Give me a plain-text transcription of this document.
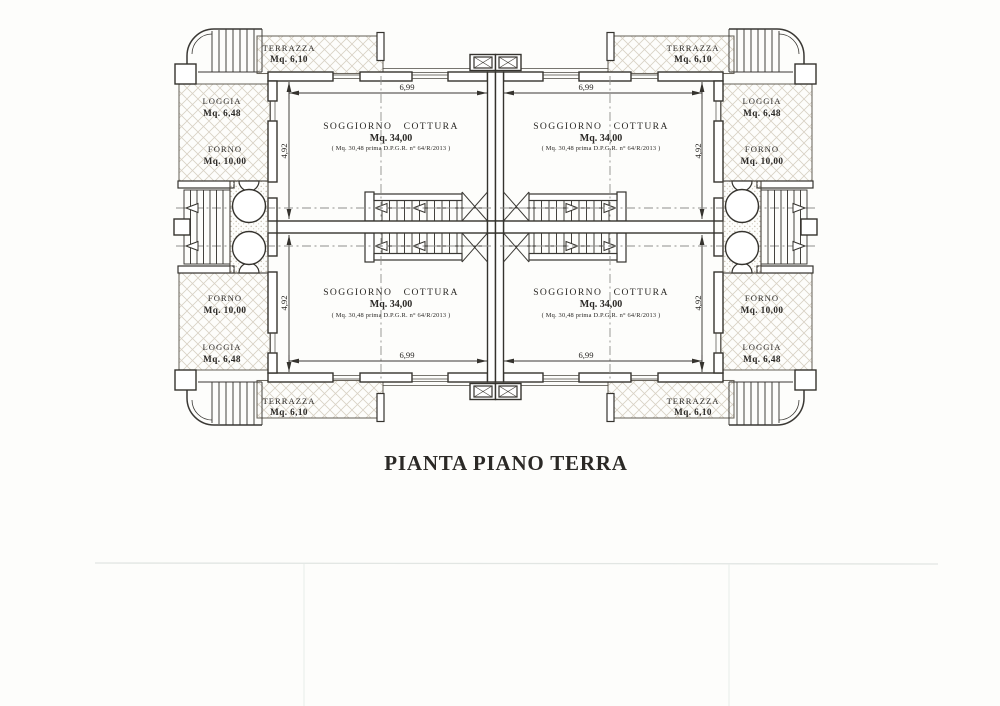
TERRAZZA
Mq. 6,10
TERRAZZA
Mq. 6,10
TERRAZZA
Mq. 6,10
TERRAZZA
Mq. 6,10
LOGGIA
Mq. 6,48
LOGGIA
Mq. 6,48
LOGGIA
Mq. 6,48
LOGGIA
Mq. 6,48
FORNO
Mq. 10,00
FORNO
Mq. 10,00
FORNO
Mq. 10,00
FORNO
Mq. 10,00
SOGGIORNO   COTTURA
Mq. 34,00
( Mq. 30,48 prima D.P.G.R. n° 64/R/2013 )
SOGGIORNO   COTTURA
Mq. 34,00
( Mq. 30,48 prima D.P.G.R. n° 64/R/2013 )
SOGGIORNO   COTTURA
Mq. 34,00
( Mq. 30,48 prima D.P.G.R. n° 64/R/2013 )
SOGGIORNO   COTTURA
Mq. 34,00
( Mq. 30,48 prima D.P.G.R. n° 64/R/2013 )
6,99	6,99
6,99	6,99
4,92
4,92
4,92
4,92
PIANTA PIANO TERRA
